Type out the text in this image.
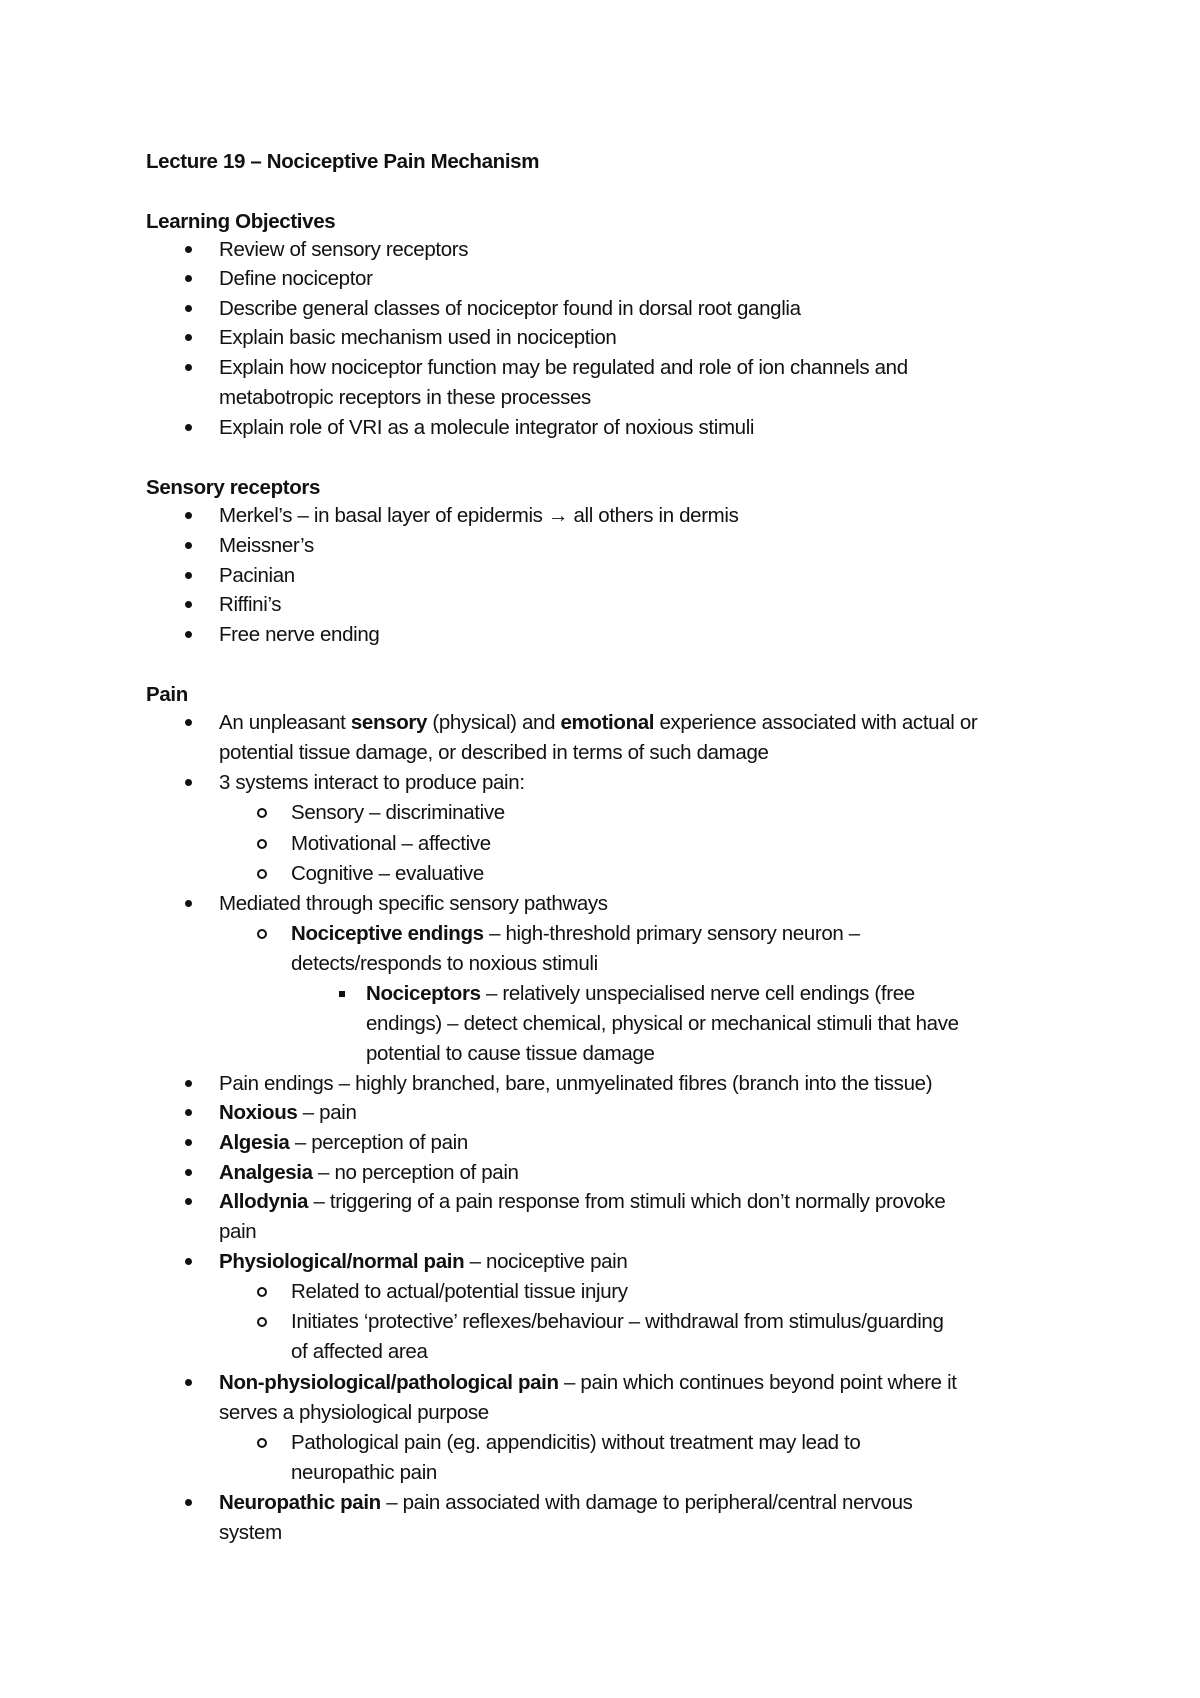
Lecture 19 – Nociceptive Pain Mechanism
Learning Objectives
Review of sensory receptors
Define nociceptor
Describe general classes of nociceptor found in dorsal root ganglia
Explain basic mechanism used in nociception
Explain how nociceptor function may be regulated and role of ion channels and
metabotropic receptors in these processes
Explain role of VRI as a molecule integrator of noxious stimuli
Sensory receptors
Merkel’s – in basal layer of epidermis → all others in dermis
Meissner’s
Pacinian
Riffini’s
Free nerve ending
Pain
An unpleasant sensory (physical) and emotional experience associated with actual or
potential tissue damage, or described in terms of such damage
3 systems interact to produce pain:
Sensory – discriminative
Motivational – affective
Cognitive – evaluative
Mediated through specific sensory pathways
Nociceptive endings – high-threshold primary sensory neuron –
detects/responds to noxious stimuli
Nociceptors – relatively unspecialised nerve cell endings (free
endings) – detect chemical, physical or mechanical stimuli that have
potential to cause tissue damage
Pain endings – highly branched, bare, unmyelinated fibres (branch into the tissue)
Noxious – pain
Algesia – perception of pain
Analgesia – no perception of pain
Allodynia – triggering of a pain response from stimuli which don’t normally provoke
pain
Physiological/normal pain – nociceptive pain
Related to actual/potential tissue injury
Initiates ‘protective’ reflexes/behaviour – withdrawal from stimulus/guarding
of affected area
Non-physiological/pathological pain – pain which continues beyond point where it
serves a physiological purpose
Pathological pain (eg. appendicitis) without treatment may lead to
neuropathic pain
Neuropathic pain – pain associated with damage to peripheral/central nervous
system
